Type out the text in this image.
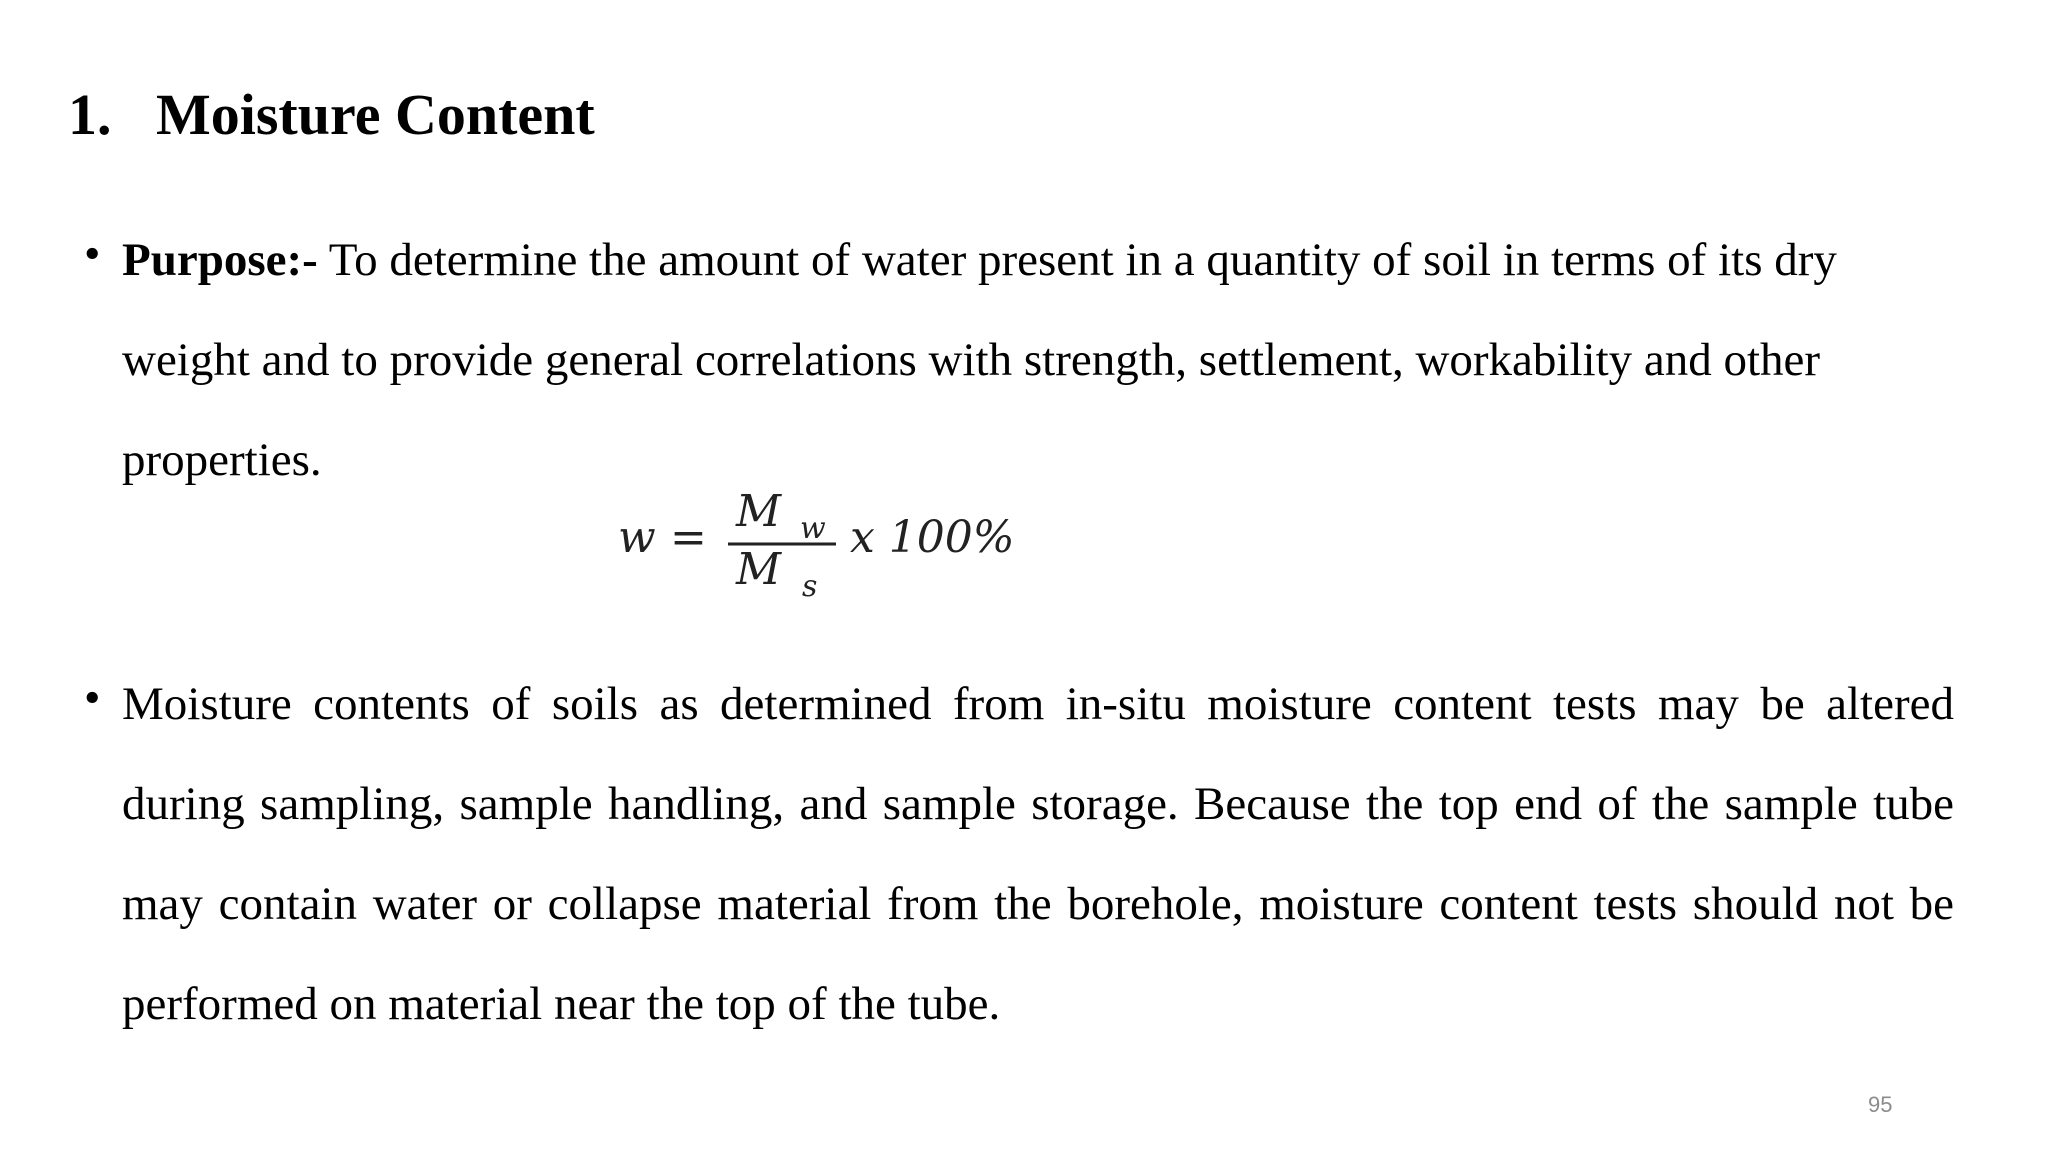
1. Moisture Content
• Purpose:- To determine the amount of water present in a quantity of soil in terms of its dry weight and to provide general correlations with strength, settlement, workability and other properties.
w =
M w
M s
x 100%
• Moisture contents of soils as determined from in-situ moisture content tests may be altered during sampling, sample handling, and sample storage. Because the top end of the sample tube may contain water or collapse material from the borehole, moisture content tests should not be performed on material near the top of the tube.
95
